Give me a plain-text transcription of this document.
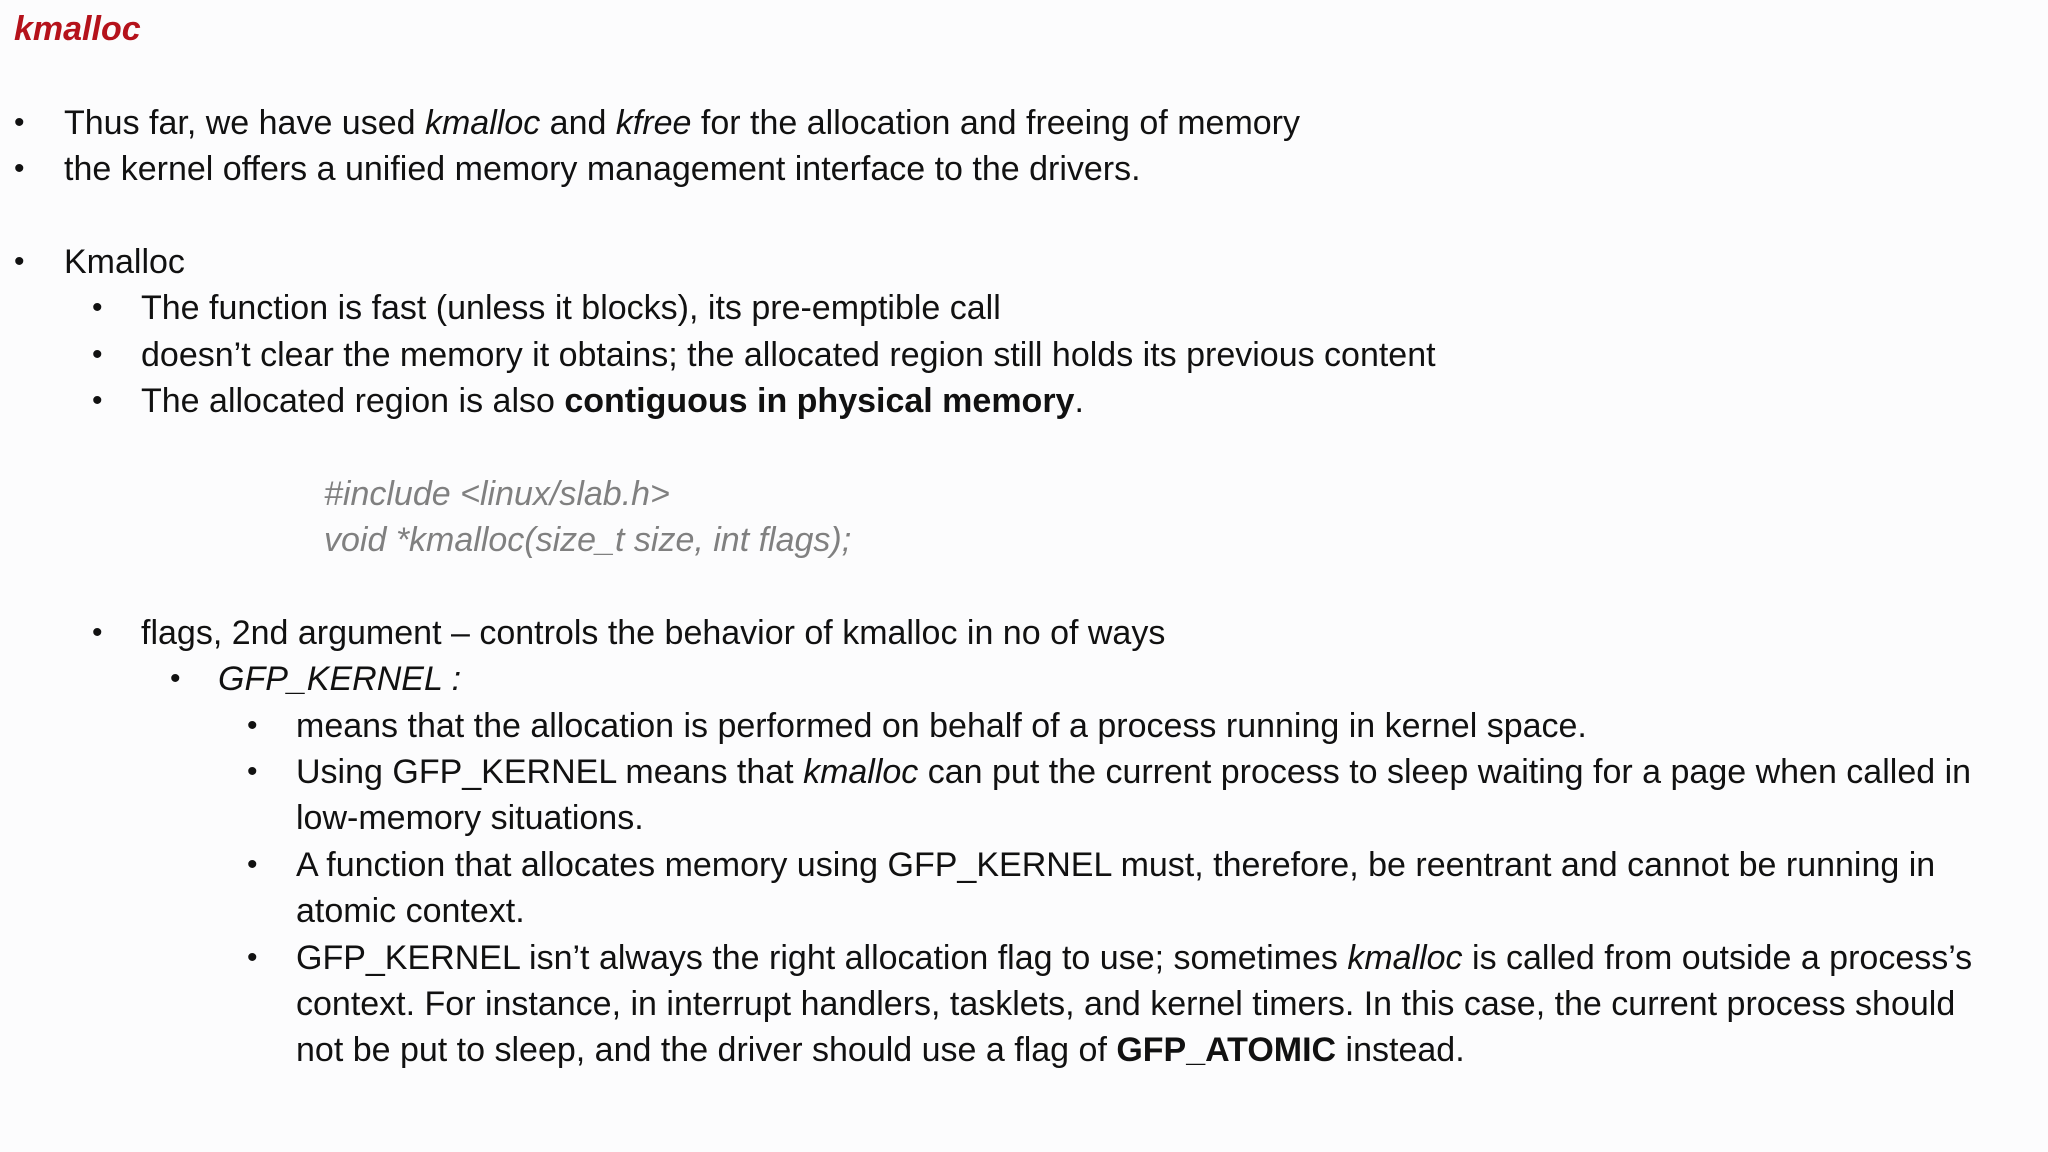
kmalloc
• Thus far, we have used kmalloc and kfree for the allocation and freeing of memory
• the kernel offers a unified memory management interface to the drivers.
• Kmalloc
• The function is fast (unless it blocks), its pre-emptible call
• doesn’t clear the memory it obtains; the allocated region still holds its previous content
• The allocated region is also contiguous in physical memory.
#include <linux/slab.h>
void *kmalloc(size_t size, int flags);
• flags, 2nd argument – controls the behavior of kmalloc in no of ways
• GFP_KERNEL :
• means that the allocation is performed on behalf of a process running in kernel space.
• Using GFP_KERNEL means that kmalloc can put the current process to sleep waiting for a page when called in
low-memory situations.
• A function that allocates memory using GFP_KERNEL must, therefore, be reentrant and cannot be running in
atomic context.
• GFP_KERNEL isn’t always the right allocation flag to use; sometimes kmalloc is called from outside a process’s
context. For instance, in interrupt handlers, tasklets, and kernel timers. In this case, the current process should
not be put to sleep, and the driver should use a flag of GFP_ATOMIC instead.
